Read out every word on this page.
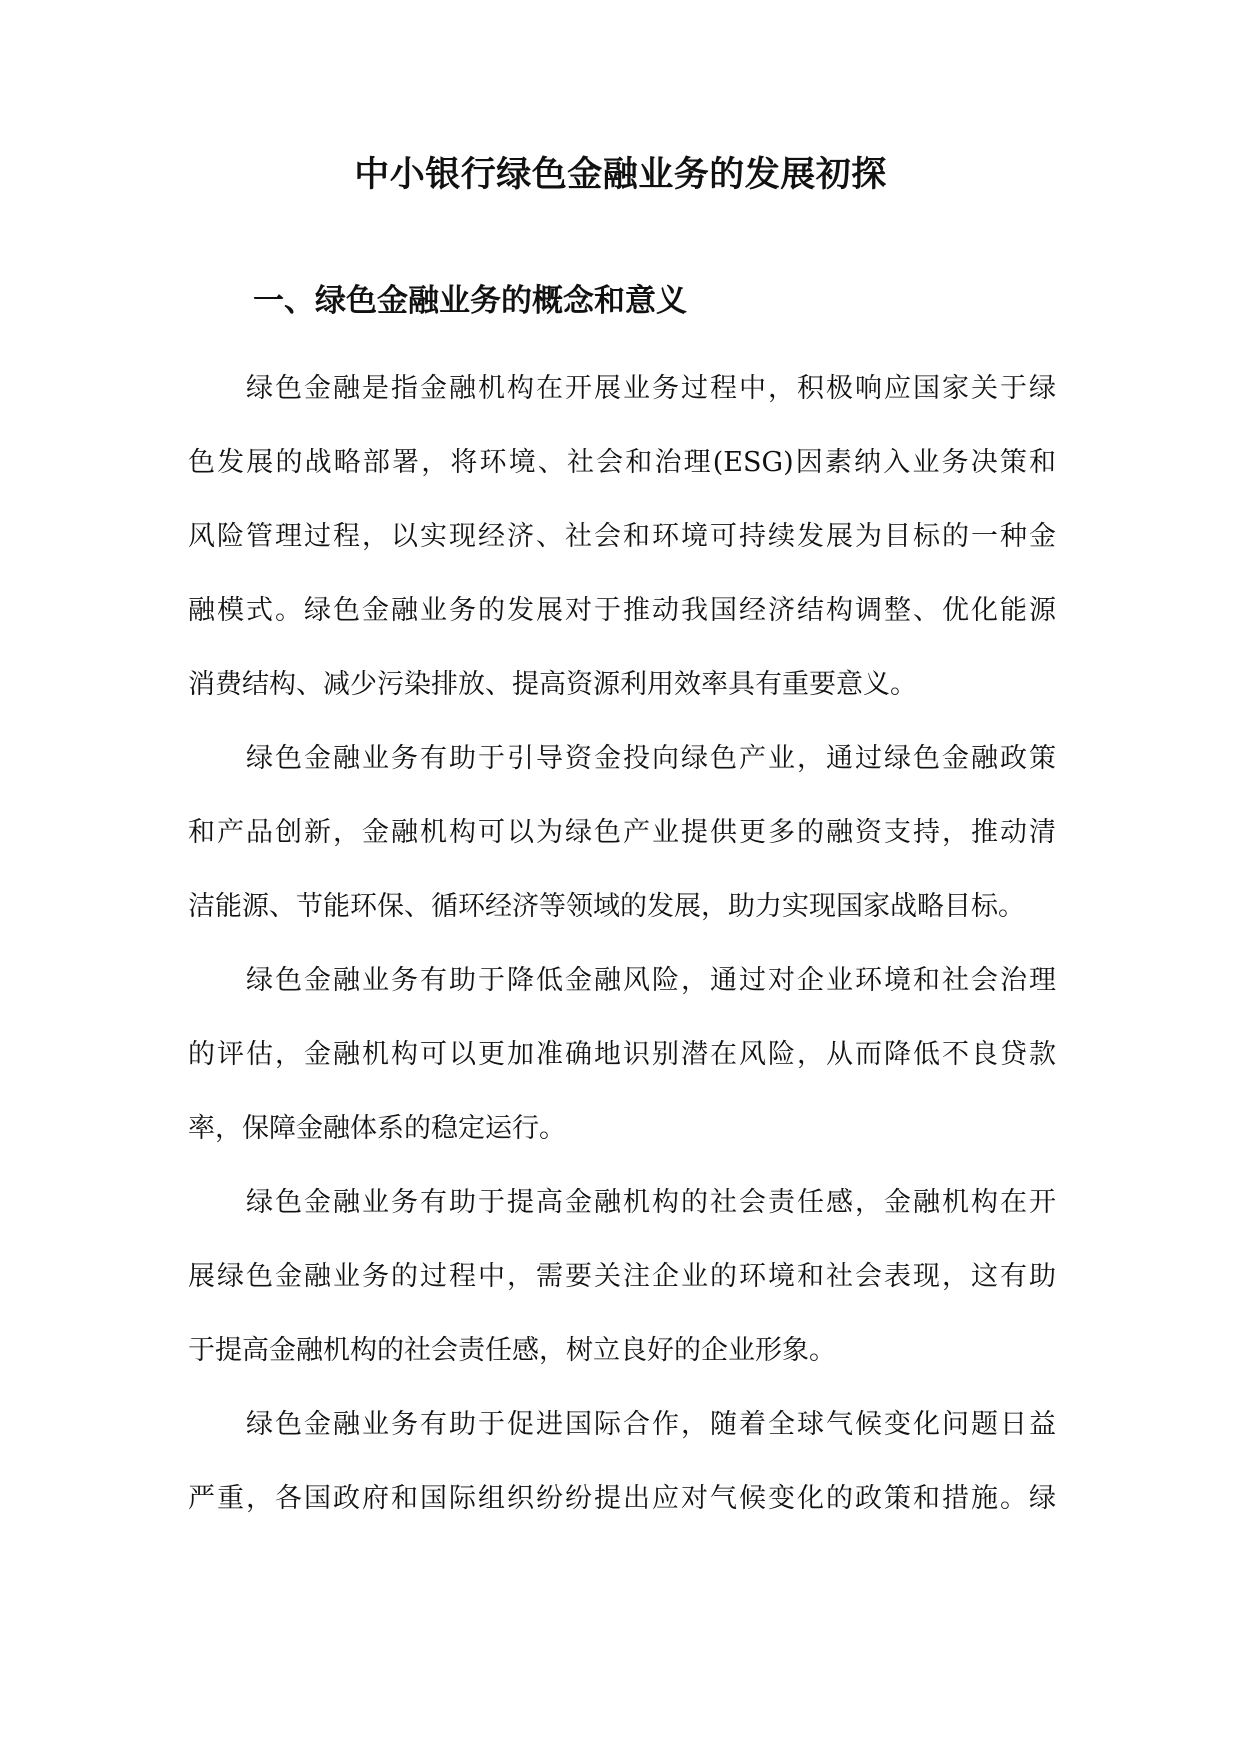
中小银行绿色金融业务的发展初探
一、绿色金融业务的概念和意义
绿色金融是指金融机构在开展业务过程中，积极响应国家关于绿
色发展的战略部署，将环境、社会和治理(ESG)因素纳入业务决策和
风险管理过程，以实现经济、社会和环境可持续发展为目标的一种金
融模式。绿色金融业务的发展对于推动我国经济结构调整、优化能源
消费结构、减少污染排放、提高资源利用效率具有重要意义。
绿色金融业务有助于引导资金投向绿色产业，通过绿色金融政策
和产品创新，金融机构可以为绿色产业提供更多的融资支持，推动清
洁能源、节能环保、循环经济等领域的发展，助力实现国家战略目标。
绿色金融业务有助于降低金融风险，通过对企业环境和社会治理
的评估，金融机构可以更加准确地识别潜在风险，从而降低不良贷款
率，保障金融体系的稳定运行。
绿色金融业务有助于提高金融机构的社会责任感，金融机构在开
展绿色金融业务的过程中，需要关注企业的环境和社会表现，这有助
于提高金融机构的社会责任感，树立良好的企业形象。
绿色金融业务有助于促进国际合作，随着全球气候变化问题日益
严重，各国政府和国际组织纷纷提出应对气候变化的政策和措施。绿
